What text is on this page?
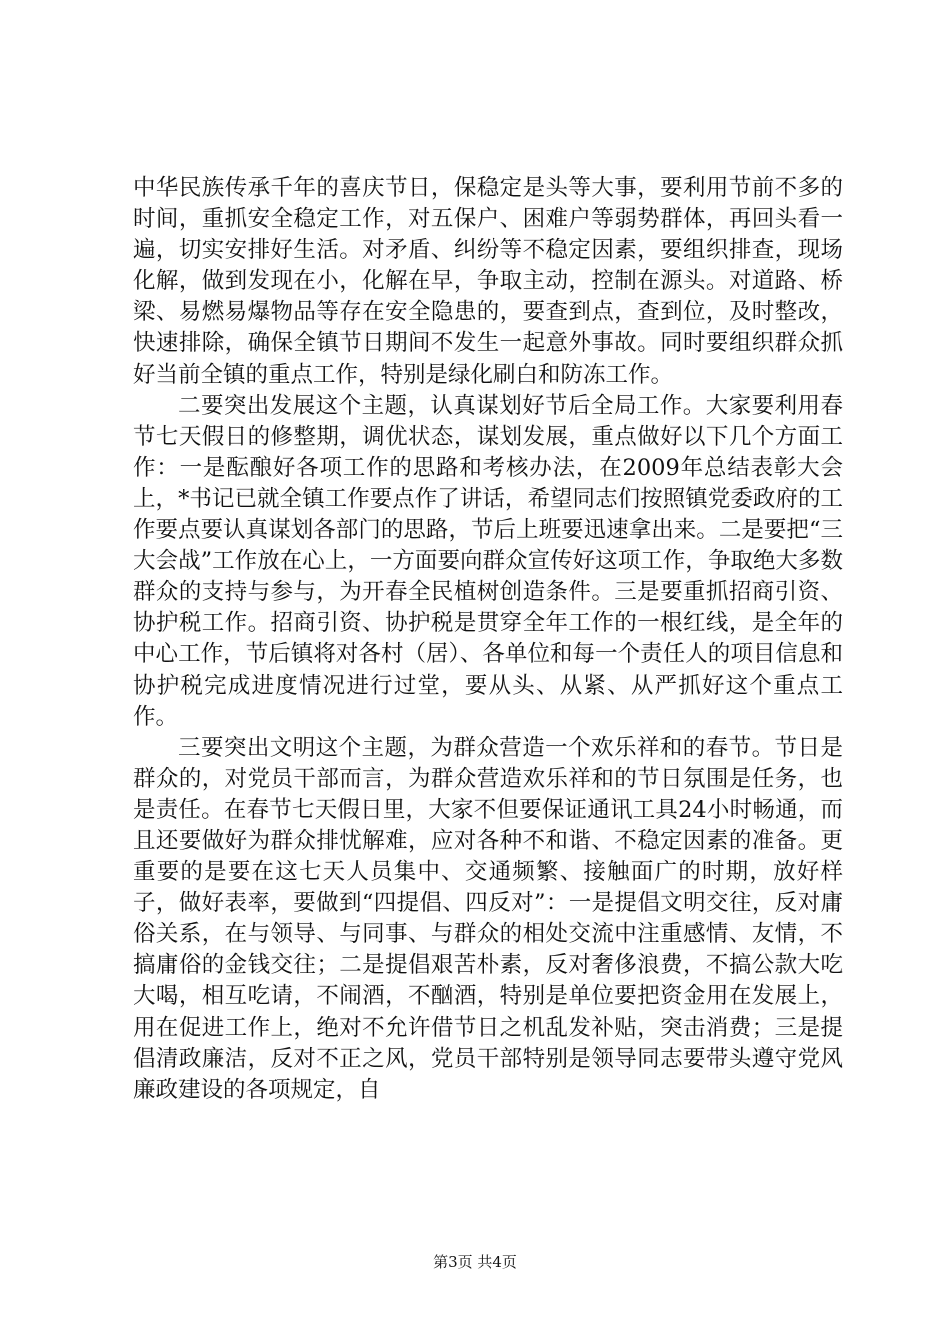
中华民族传承千年的喜庆节日，保稳定是头等大事，要利用节前不多的时间，重抓安全稳定工作，对五保户、困难户等弱势群体，再回头看一遍，切实安排好生活。对矛盾、纠纷等不稳定因素，要组织排查，现场化解，做到发现在小，化解在早，争取主动，控制在源头。对道路、桥梁、易燃易爆物品等存在安全隐患的，要查到点，查到位，及时整改，快速排除，确保全镇节日期间不发生一起意外事故。同时要组织群众抓好当前全镇的重点工作，特别是绿化刷白和防冻工作。

二要突出发展这个主题，认真谋划好节后全局工作。大家要利用春节七天假日的修整期，调优状态，谋划发展，重点做好以下几个方面工作：一是酝酿好各项工作的思路和考核办法，在2009年总结表彰大会上，*书记已就全镇工作要点作了讲话，希望同志们按照镇党委政府的工作要点要认真谋划各部门的思路，节后上班要迅速拿出来。二是要把“三大会战”工作放在心上，一方面要向群众宣传好这项工作，争取绝大多数群众的支持与参与，为开春全民植树创造条件。三是要重抓招商引资、协护税工作。招商引资、协护税是贯穿全年工作的一根红线，是全年的中心工作，节后镇将对各村（居）、各单位和每一个责任人的项目信息和协护税完成进度情况进行过堂，要从头、从紧、从严抓好这个重点工作。

三要突出文明这个主题，为群众营造一个欢乐祥和的春节。节日是群众的，对党员干部而言，为群众营造欢乐祥和的节日氛围是任务，也是责任。在春节七天假日里，大家不但要保证通讯工具24小时畅通，而且还要做好为群众排忧解难，应对各种不和谐、不稳定因素的准备。更重要的是要在这七天人员集中、交通频繁、接触面广的时期，放好样子，做好表率，要做到“四提倡、四反对”：一是提倡文明交往，反对庸俗关系，在与领导、与同事、与群众的相处交流中注重感情、友情，不搞庸俗的金钱交往；二是提倡艰苦朴素，反对奢侈浪费，不搞公款大吃大喝，相互吃请，不闹酒，不酗酒，特别是单位要把资金用在发展上，用在促进工作上，绝对不允许借节日之机乱发补贴，突击消费；三是提倡清政廉洁，反对不正之风，党员干部特别是领导同志要带头遵守党风廉政建设的各项规定，自

第3页 共4页
